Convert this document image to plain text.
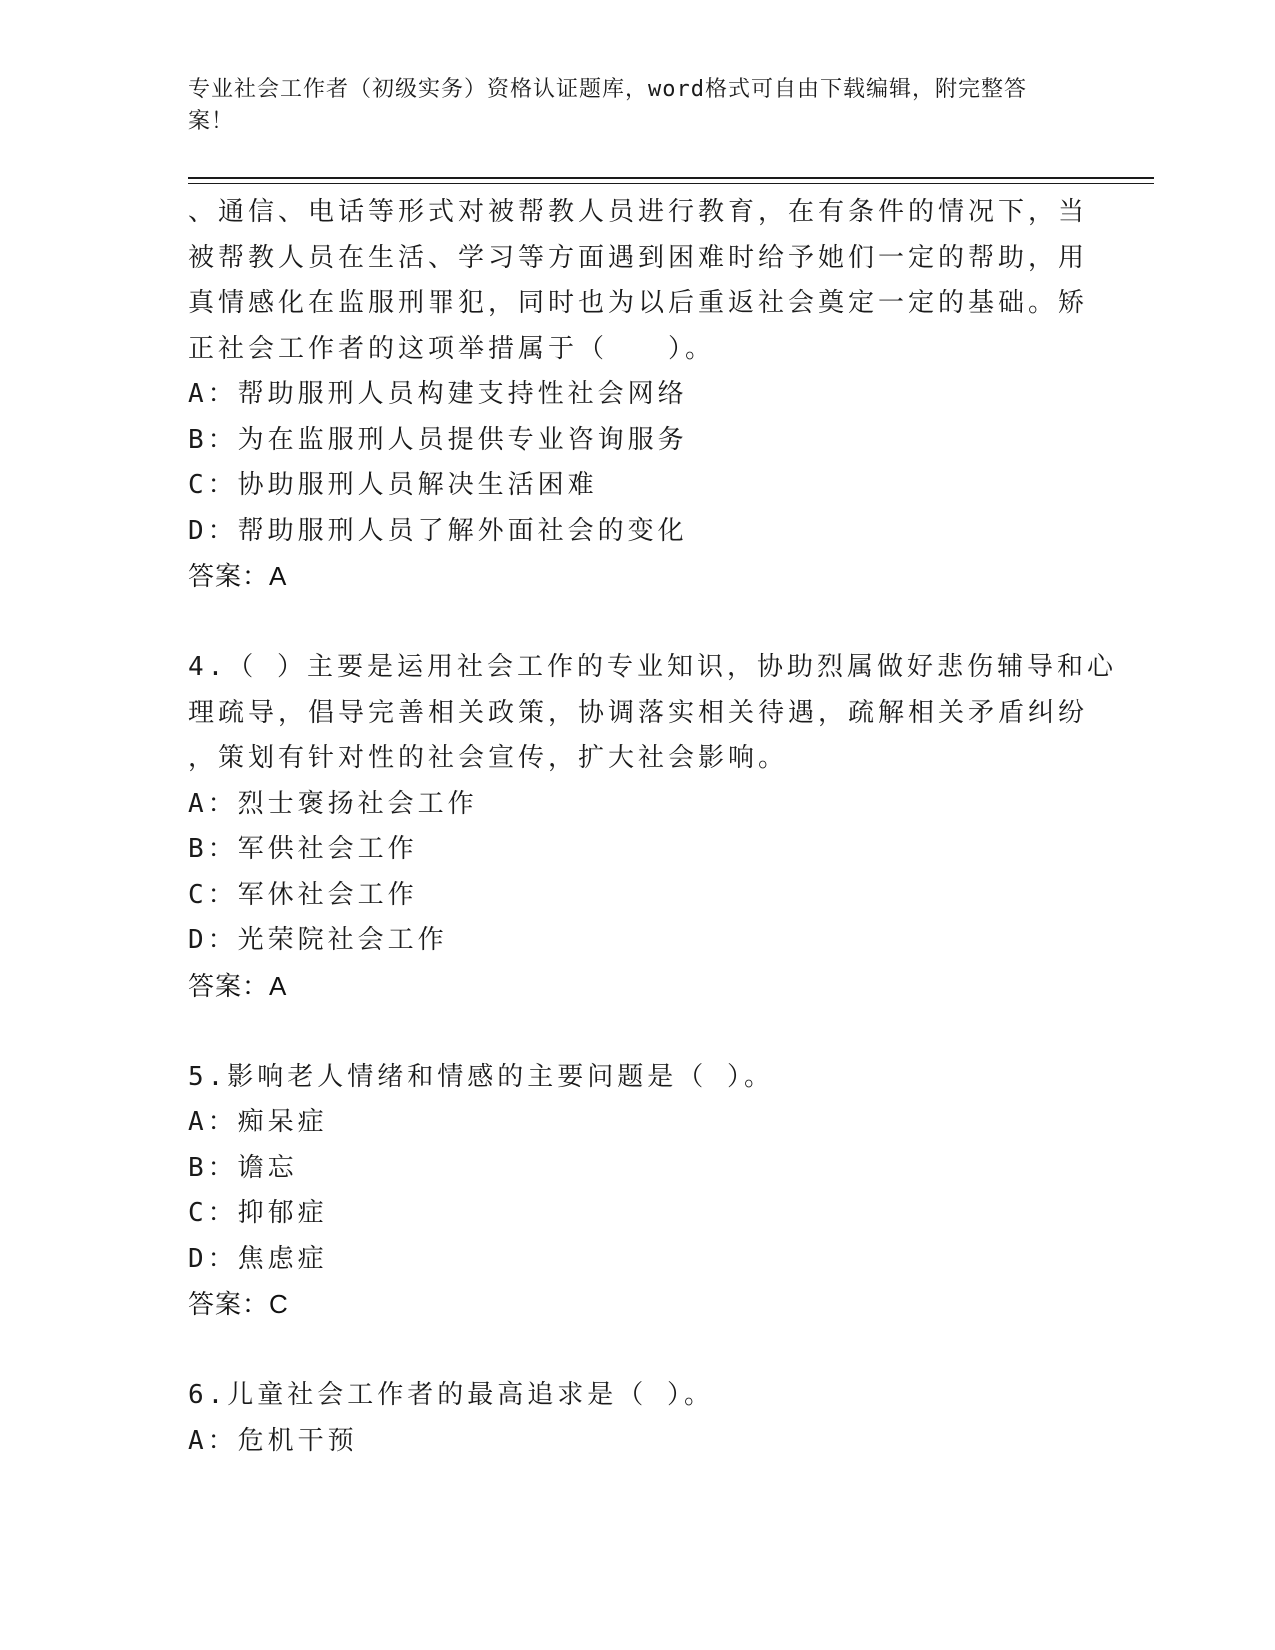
专业社会工作者（初级实务）资格认证题库，word格式可自由下载编辑，附完整答案！
、通信、电话等形式对被帮教人员进行教育，在有条件的情况下，当
被帮教人员在生活、学习等方面遇到困难时给予她们一定的帮助，用
真情感化在监服刑罪犯，同时也为以后重返社会奠定一定的基础。矫
正社会工作者的这项举措属于（　　）。
A：帮助服刑人员构建支持性社会网络
B：为在监服刑人员提供专业咨询服务
C：协助服刑人员解决生活困难
D：帮助服刑人员了解外面社会的变化
答案：A
4.（ ）主要是运用社会工作的专业知识，协助烈属做好悲伤辅导和心
理疏导，倡导完善相关政策，协调落实相关待遇，疏解相关矛盾纠纷
，策划有针对性的社会宣传，扩大社会影响。
A：烈士褒扬社会工作
B：军供社会工作
C：军休社会工作
D：光荣院社会工作
答案：A
5.影响老人情绪和情感的主要问题是（ ）。
A：痴呆症
B：谵忘
C：抑郁症
D：焦虑症
答案：C
6.儿童社会工作者的最高追求是（ ）。
A：危机干预
